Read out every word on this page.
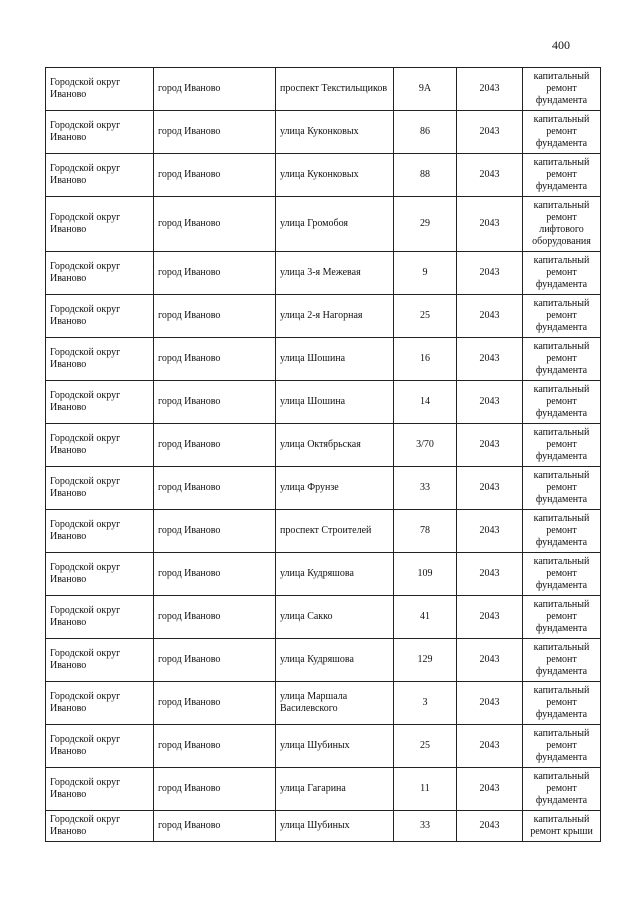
400
Городской округ Иваново	город Иваново	проспект Текстильщиков	9А	2043	капитальный ремонт фундамента
Городской округ Иваново	город Иваново	улица Куконковых	86	2043	капитальный ремонт фундамента
Городской округ Иваново	город Иваново	улица Куконковых	88	2043	капитальный ремонт фундамента
Городской округ Иваново	город Иваново	улица Громобоя	29	2043	капитальный ремонт лифтового оборудования
Городской округ Иваново	город Иваново	улица 3-я Межевая	9	2043	капитальный ремонт фундамента
Городской округ Иваново	город Иваново	улица 2-я Нагорная	25	2043	капитальный ремонт фундамента
Городской округ Иваново	город Иваново	улица Шошина	16	2043	капитальный ремонт фундамента
Городской округ Иваново	город Иваново	улица Шошина	14	2043	капитальный ремонт фундамента
Городской округ Иваново	город Иваново	улица Октябрьская	3/70	2043	капитальный ремонт фундамента
Городской округ Иваново	город Иваново	улица Фрунзе	33	2043	капитальный ремонт фундамента
Городской округ Иваново	город Иваново	проспект Строителей	78	2043	капитальный ремонт фундамента
Городской округ Иваново	город Иваново	улица Кудряшова	109	2043	капитальный ремонт фундамента
Городской округ Иваново	город Иваново	улица Сакко	41	2043	капитальный ремонт фундамента
Городской округ Иваново	город Иваново	улица Кудряшова	129	2043	капитальный ремонт фундамента
Городской округ Иваново	город Иваново	улица Маршала Василевского	3	2043	капитальный ремонт фундамента
Городской округ Иваново	город Иваново	улица Шубиных	25	2043	капитальный ремонт фундамента
Городской округ Иваново	город Иваново	улица Гагарина	11	2043	капитальный ремонт фундамента
Городской округ Иваново	город Иваново	улица Шубиных	33	2043	капитальный ремонт крыши
